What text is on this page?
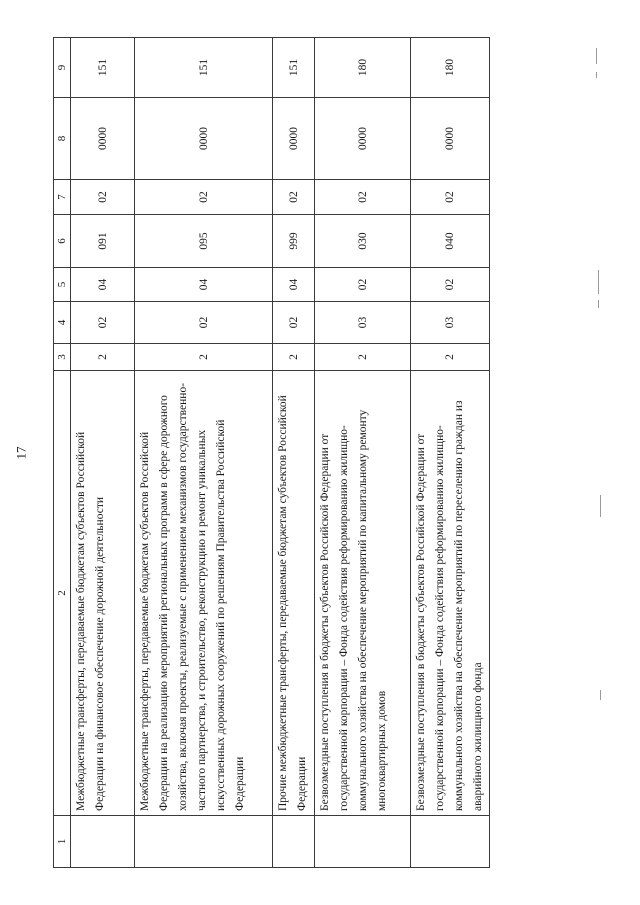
17
1	2	3	4	5	6	7	8	9
	Межбюджетные трансферты, передаваемые бюджетам субъектов Российской Федерации на финансовое обеспечение дорожной деятельности	2	02	04	091	02	0000	151
	Межбюджетные трансферты, передаваемые бюджетам субъектов Российской Федерации на реализацию мероприятий региональных программ в сфере дорожного хозяйства, включая проекты, реализуемые с применением механизмов государственно-частного партнерства, и строительство, реконструкцию и ремонт уникальных искусственных дорожных сооружений по решениям Правительства Российской Федерации	2	02	04	095	02	0000	151
	Прочие межбюджетные трансферты, передаваемые бюджетам субъектов Российской Федерации	2	02	04	999	02	0000	151
	Безвозмездные поступления в бюджеты субъектов Российской Федерации от государственной корпорации – Фонда содействия реформированию жилищно-коммунального хозяйства на обеспечение мероприятий по капитальному ремонту многоквартирных домов	2	03	02	030	02	0000	180
	Безвозмездные поступления в бюджеты субъектов Российской Федерации от государственной корпорации – Фонда содействия реформированию жилищно-коммунального хозяйства на обеспечение мероприятий по переселению граждан из аварийного жилищного фонда	2	03	02	040	02	0000	180
